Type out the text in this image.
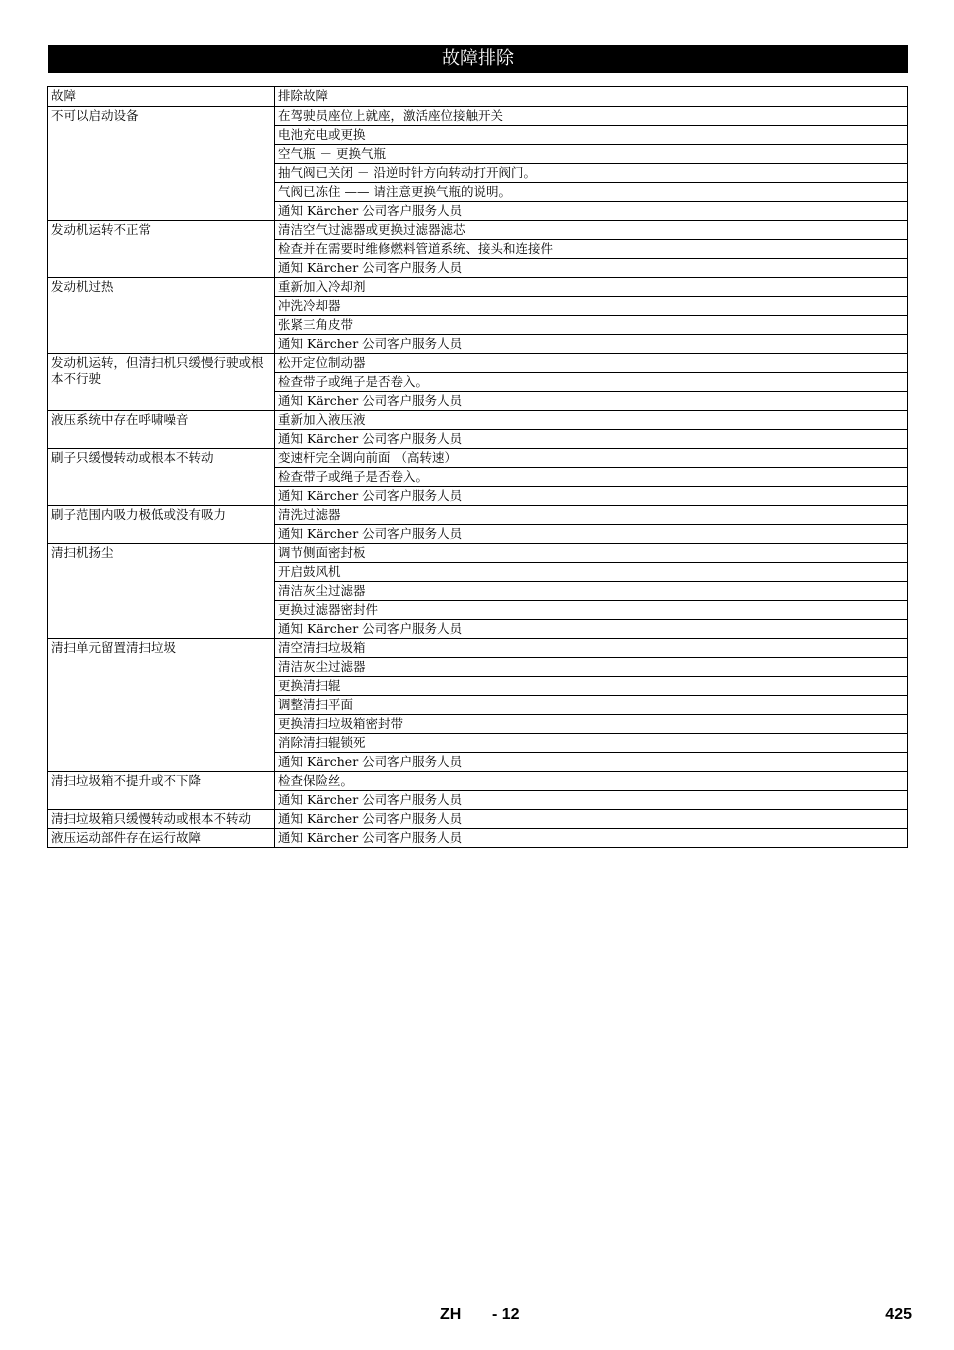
故障排除
故障	排除故障
不可以启动设备	在驾驶员座位上就座，激活座位接触开关
	电池充电或更换
	空气瓶 － 更换气瓶
	抽气阀已关闭 － 沿逆时针方向转动打开阀门。
	气阀已冻住 —— 请注意更换气瓶的说明。
	通知 Kärcher 公司客户服务人员
发动机运转不正常	清洁空气过滤器或更换过滤器滤芯
	检查并在需要时维修燃料管道系统、接头和连接件
	通知 Kärcher 公司客户服务人员
发动机过热	重新加入冷却剂
	冲洗冷却器
	张紧三角皮带
	通知 Kärcher 公司客户服务人员
发动机运转，但清扫机只缓慢行驶或根本不行驶	松开定位制动器
	检查带子或绳子是否卷入。
	通知 Kärcher 公司客户服务人员
液压系统中存在呼啸噪音	重新加入液压液
	通知 Kärcher 公司客户服务人员
刷子只缓慢转动或根本不转动	变速杆完全调向前面 （高转速）
	检查带子或绳子是否卷入。
	通知 Kärcher 公司客户服务人员
刷子范围内吸力极低或没有吸力	清洗过滤器
	通知 Kärcher 公司客户服务人员
清扫机扬尘	调节侧面密封板
	开启鼓风机
	清洁灰尘过滤器
	更换过滤器密封件
	通知 Kärcher 公司客户服务人员
清扫单元留置清扫垃圾	清空清扫垃圾箱
	清洁灰尘过滤器
	更换清扫辊
	调整清扫平面
	更换清扫垃圾箱密封带
	消除清扫辊锁死
	通知 Kärcher 公司客户服务人员
清扫垃圾箱不提升或不下降	检查保险丝。
	通知 Kärcher 公司客户服务人员
清扫垃圾箱只缓慢转动或根本不转动	通知 Kärcher 公司客户服务人员
液压运动部件存在运行故障	通知 Kärcher 公司客户服务人员
ZH - 12	425
